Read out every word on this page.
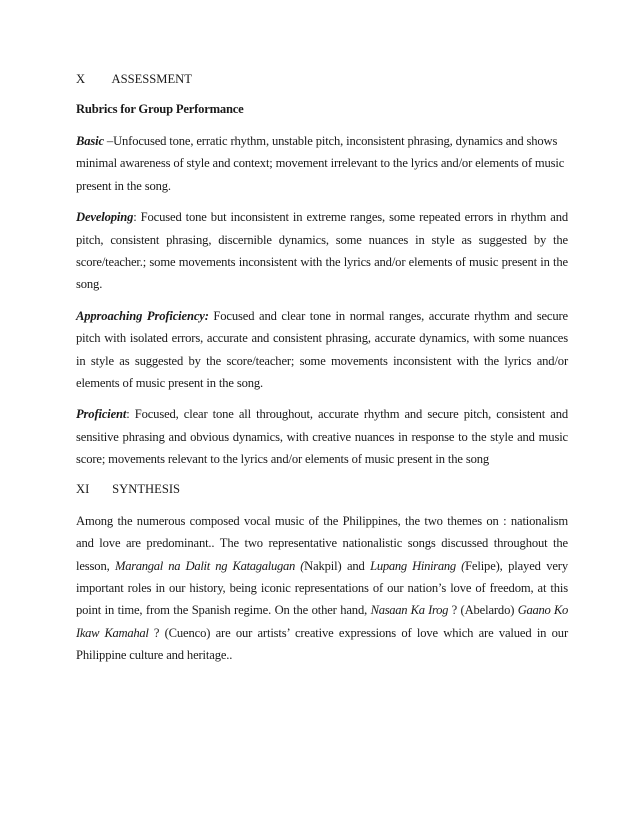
X ASSESSMENT
Rubrics for Group Performance

Basic –Unfocused tone, erratic rhythm, unstable pitch, inconsistent phrasing, dynamics and shows minimal awareness of style and context; movement irrelevant to the lyrics and/or elements of music present in the song.

Developing: Focused tone but inconsistent in extreme ranges, some repeated errors in rhythm and pitch, consistent phrasing, discernible dynamics, some nuances in style as suggested by the score/teacher.; some movements inconsistent with the lyrics and/or elements of music present in the song.

Approaching Proficiency: Focused and clear tone in normal ranges, accurate rhythm and secure pitch with isolated errors, accurate and consistent phrasing, accurate dynamics, with some nuances in style as suggested by the score/teacher; some movements inconsistent with the lyrics and/or elements of music present in the song.

Proficient: Focused, clear tone all throughout, accurate rhythm and secure pitch, consistent and sensitive phrasing and obvious dynamics, with creative nuances in response to the style and music score; movements relevant to the lyrics and/or elements of music present in the song

XI SYNTHESIS

Among the numerous composed vocal music of the Philippines, the two themes on : nationalism and love are predominant.. The two representative nationalistic songs discussed throughout the lesson, Marangal na Dalit ng Katagalugan (Nakpil) and Lupang Hinirang (Felipe), played very important roles in our history, being iconic representations of our nation’s love of freedom, at this point in time, from the Spanish regime. On the other hand, Nasaan Ka Irog ? (Abelardo) Gaano Ko Ikaw Kamahal ? (Cuenco) are our artists’ creative expressions of love which are valued in our Philippine culture and heritage..
